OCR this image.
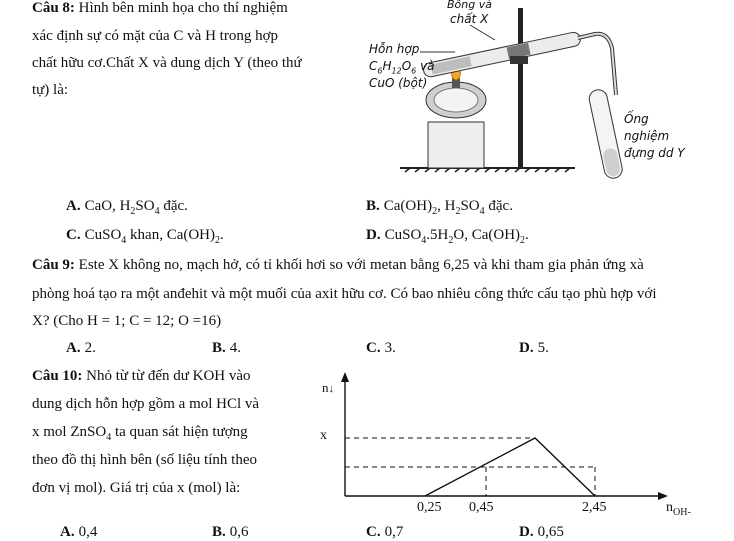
Câu 8: Hình bên minh họa cho thí nghiệm
xác định sự có mặt của C và H trong hợp
chất hữu cơ.Chất X và dung dịch Y (theo thứ
tự) là:
Bông và
chất X
Hỗn hợp
$C_6H_{12}O_6$ và
CuO (bột)
Ống
nghiệm
đựng dd Y
A. CaO, $H_2SO_4$ đặc.	B. $Ca(OH)_2$, $H_2SO_4$ đặc.
C. CuSO$_4$ khan, $Ca(OH)_2$.	D. $CuSO_4.5H_2O$, $Ca(OH)_2$.
Câu 9: Este X không no, mạch hở, có tỉ khối hơi so với metan bằng 6,25 và khi tham gia phản ứng xà
phòng hoá tạo ra một anđehit và một muối của axit hữu cơ. Có bao nhiêu công thức cấu tạo phù hợp với
X? (Cho H = 1; C = 12; O =16)
A. 2.	B. 4.	C. 3.	D. 5.
Câu 10: Nhỏ từ từ đến dư KOH vào
dung dịch hỗn hợp gồm a mol HCl và
x mol ZnSO$_4$ ta quan sát hiện tượng
theo đồ thị hình bên (số liệu tính theo
đơn vị mol). Giá trị của x (mol) là:
n↓
x
0,25 0,45	2,45	$n_{OH-}$
A. 0,4	B. 0,6	C. 0,7	D. 0,65
